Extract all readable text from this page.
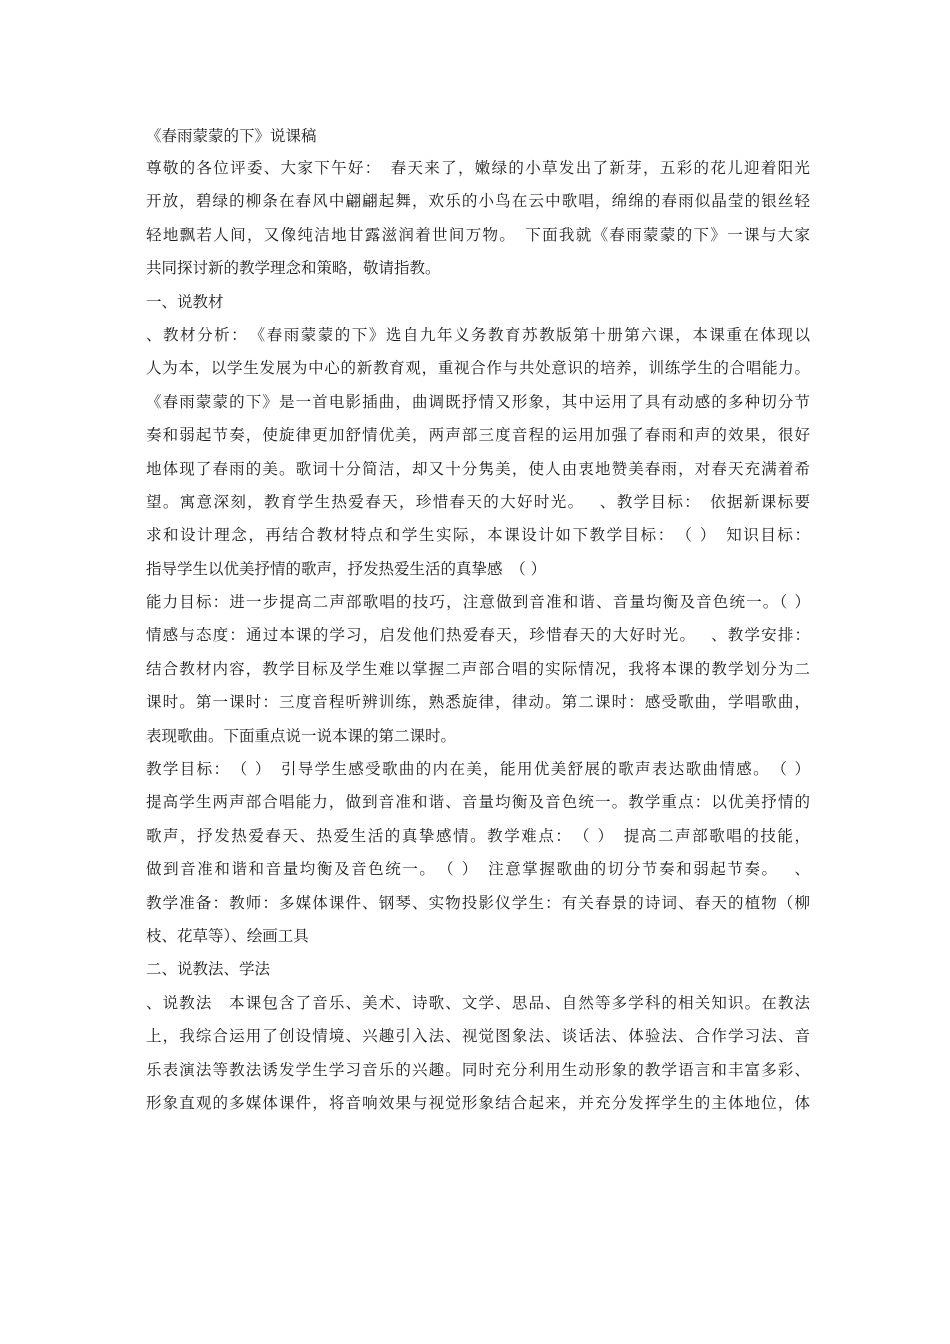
《春雨蒙蒙的下》说课稿

尊敬的各位评委、大家下午好：　春天来了，嫩绿的小草发出了新芽，五彩的花儿迎着阳光

开放，碧绿的柳条在春风中翩翩起舞，欢乐的小鸟在云中歌唱，绵绵的春雨似晶莹的银丝轻

轻地飘若人间，又像纯洁地甘露滋润着世间万物。　下面我就《春雨蒙蒙的下》一课与大家

共同探讨新的教学理念和策略，敬请指教。

一、说教材

、教材分析：　《春雨蒙蒙的下》选自九年义务教育苏教版第十册第六课，本课重在体现以

人为本，以学生发展为中心的新教育观，重视合作与共处意识的培养，训练学生的合唱能力。

《春雨蒙蒙的下》是一首电影插曲，曲调既抒情又形象，其中运用了具有动感的多种切分节

奏和弱起节奏，使旋律更加舒情优美，两声部三度音程的运用加强了春雨和声的效果，很好

地体现了春雨的美。歌词十分简洁，却又十分隽美，使人由衷地赞美春雨，对春天充满着希

望。寓意深刻，教育学生热爱春天，珍惜春天的大好时光。　 、教学目标：　依据新课标要

求和设计理念，再结合教材特点和学生实际，本课设计如下教学目标：　（ ）　知识目标：

指导学生以优美抒情的歌声，抒发热爱生活的真挚感　（ ）

能力目标：进一步提高二声部歌唱的技巧，注意做到音准和谐、音量均衡及音色统一。（ ）

情感与态度：通过本课的学习，启发他们热爱春天，珍惜春天的大好时光。　 、教学安排：

结合教材内容，教学目标及学生难以掌握二声部合唱的实际情况，我将本课的教学划分为二

课时。第一课时：三度音程听辨训练，熟悉旋律，律动。第二课时：感受歌曲，学唱歌曲，

表现歌曲。下面重点说一说本课的第二课时。

教学目标：　（ ）　引导学生感受歌曲的内在美，能用优美舒展的歌声表达歌曲情感。　（ ）

提高学生两声部合唱能力，做到音准和谐、音量均衡及音色统一。教学重点：以优美抒情的

歌声，抒发热爱春天、热爱生活的真挚感情。教学难点：　（ ）　提高二声部歌唱的技能，

做到音准和谐和音量均衡及音色统一。　（ ）　注意掌握歌曲的切分节奏和弱起节奏。　 、

教学准备：教师：多媒体课件、钢琴、实物投影仪学生：有关春景的诗词、春天的植物（柳

枝、花草等）、绘画工具

二、说教法、学法

、说教法　本课包含了音乐、美术、诗歌、文学、思品、自然等多学科的相关知识。在教法

上，我综合运用了创设情境、兴趣引入法、视觉图象法、谈话法、体验法、合作学习法、音

乐表演法等教法诱发学生学习音乐的兴趣。同时充分利用生动形象的教学语言和丰富多彩、

形象直观的多媒体课件，将音响效果与视觉形象结合起来，并充分发挥学生的主体地位，体
